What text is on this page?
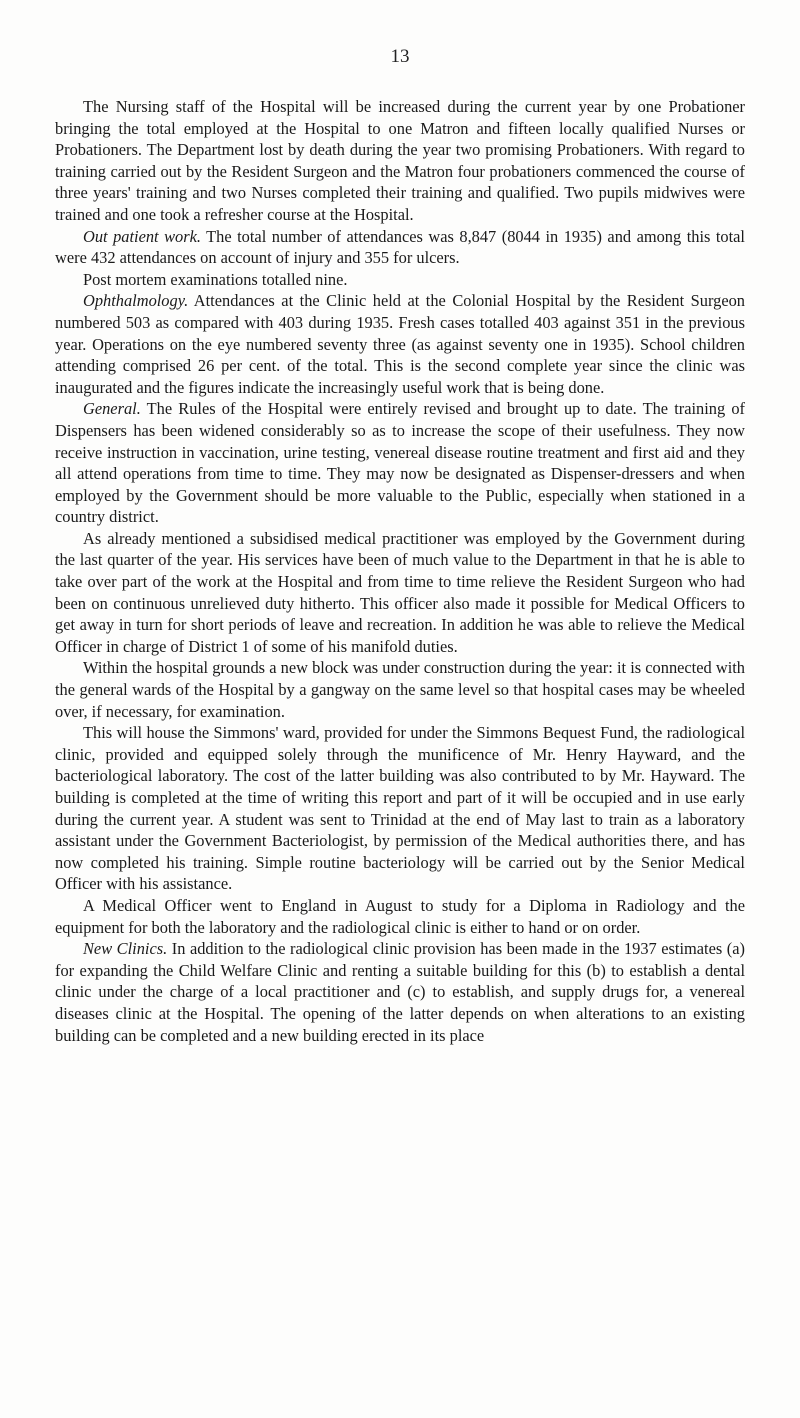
13

The Nursing staff of the Hospital will be increased during the current year by one Probationer bringing the total employed at the Hospital to one Matron and fifteen locally qualified Nurses or Probationers. The Department lost by death during the year two promising Probationers. With regard to training carried out by the Resident Surgeon and the Matron four probationers commenced the course of three years' training and two Nurses completed their training and qualified. Two pupils midwives were trained and one took a refresher course at the Hospital.

Out patient work. The total number of attendances was 8,847 (8044 in 1935) and among this total were 432 attendances on account of injury and 355 for ulcers.

Post mortem examinations totalled nine.

Ophthalmology. Attendances at the Clinic held at the Colonial Hospital by the Resident Surgeon numbered 503 as compared with 403 during 1935. Fresh cases totalled 403 against 351 in the previous year. Operations on the eye numbered seventy three (as against seventy one in 1935). School children attending comprised 26 per cent. of the total. This is the second complete year since the clinic was inaugurated and the figures indicate the increasingly useful work that is being done.

General. The Rules of the Hospital were entirely revised and brought up to date. The training of Dispensers has been widened considerably so as to increase the scope of their usefulness. They now receive instruction in vaccination, urine testing, venereal disease routine treatment and first aid and they all attend operations from time to time. They may now be designated as Dispenser-dressers and when employed by the Government should be more valuable to the Public, especially when stationed in a country district.

As already mentioned a subsidised medical practitioner was employed by the Government during the last quarter of the year. His services have been of much value to the Department in that he is able to take over part of the work at the Hospital and from time to time relieve the Resident Surgeon who had been on continuous unrelieved duty hitherto. This officer also made it possible for Medical Officers to get away in turn for short periods of leave and recreation. In addition he was able to relieve the Medical Officer in charge of District 1 of some of his manifold duties.

Within the hospital grounds a new block was under construction during the year: it is connected with the general wards of the Hospital by a gangway on the same level so that hospital cases may be wheeled over, if necessary, for examination.

This will house the Simmons' ward, provided for under the Simmons Bequest Fund, the radiological clinic, provided and equipped solely through the munificence of Mr. Henry Hayward, and the bacteriological laboratory. The cost of the latter building was also contributed to by Mr. Hayward. The building is completed at the time of writing this report and part of it will be occupied and in use early during the current year. A student was sent to Trinidad at the end of May last to train as a laboratory assistant under the Government Bacteriologist, by permission of the Medical authorities there, and has now completed his training. Simple routine bacteriology will be carried out by the Senior Medical Officer with his assistance.

A Medical Officer went to England in August to study for a Diploma in Radiology and the equipment for both the laboratory and the radiological clinic is either to hand or on order.

New Clinics. In addition to the radiological clinic provision has been made in the 1937 estimates (a) for expanding the Child Welfare Clinic and renting a suitable building for this (b) to establish a dental clinic under the charge of a local practitioner and (c) to establish, and supply drugs for, a venereal diseases clinic at the Hospital. The opening of the latter depends on when alterations to an existing building can be completed and a new building erected in its place
